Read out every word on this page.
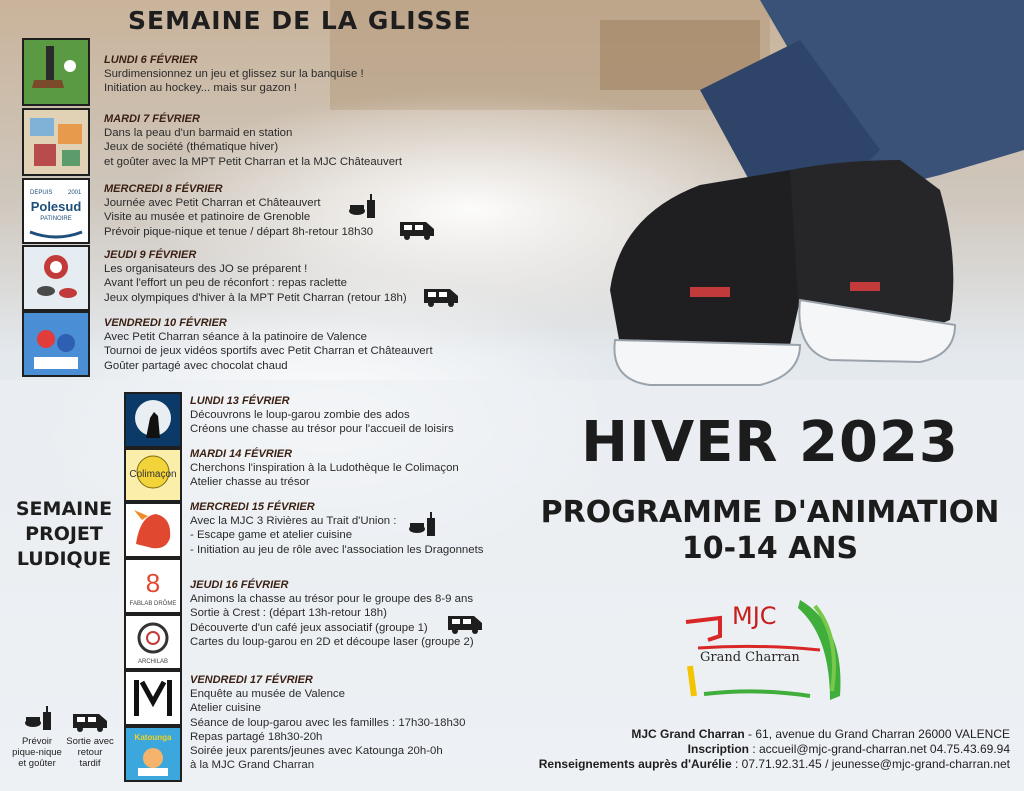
SEMAINE DE LA GLISSE
DEPUIS	2001
Polesud
PATINOIRE
LUNDI 6 FÉVRIER
Surdimensionnez un jeu et glissez sur la banquise !
Initiation au hockey... mais sur gazon !
MARDI 7 FÉVRIER
Dans la peau d'un barmaid en station
Jeux de société (thématique hiver)
et goûter avec la MPT Petit Charran et la MJC Châteauvert
MERCREDI 8 FÉVRIER
Journée avec Petit Charran et Châteauvert
Visite au musée et patinoire de Grenoble
Prévoir pique-nique et tenue / départ 8h-retour 18h30
JEUDI 9 FÉVRIER
Les organisateurs des JO se préparent !
Avant l'effort un peu de réconfort : repas raclette
Jeux olympiques d'hiver à la MPT Petit Charran (retour 18h)
VENDREDI 10 FÉVRIER
Avec Petit Charran séance à la patinoire de Valence
Tournoi de jeux vidéos sportifs avec Petit Charran et Châteauvert
Goûter partagé avec chocolat chaud
SEMAINE
PROJET
LUDIQUE
Colimaçon
8
FABLAB DRÔME
ARCHILAB
Katounga
LUNDI 13 FÉVRIER
Découvrons le loup-garou zombie des ados
Créons une chasse au trésor pour l'accueil de loisirs
MARDI 14 FÉVRIER
Cherchons l'inspiration à la Ludothèque le Colimaçon
Atelier chasse au trésor
MERCREDI 15 FÉVRIER
Avec la MJC 3 Rivières au Trait d'Union :
- Escape game et atelier cuisine
- Initiation au jeu de rôle avec l'association les Dragonnets
JEUDI 16 FÉVRIER
Animons la chasse au trésor pour le groupe des 8-9 ans
Sortie à Crest : (départ 13h-retour 18h)
Découverte d'un café jeux associatif (groupe 1)
Cartes du loup-garou en 2D et découpe laser (groupe 2)
VENDREDI 17 FÉVRIER
Enquête au musée de Valence
Atelier cuisine
Séance de loup-garou avec les familles : 17h30-18h30
Repas partagé 18h30-20h
Soirée jeux parents/jeunes avec Katounga 20h-0h
à la MJC Grand Charran
Prévoir
pique-nique
et goûter
Sortie avec
retour
tardif
HIVER 2023
PROGRAMME D'ANIMATION
10-14 ANS
MJC
Grand Charran
MJC Grand Charran - 61, avenue du Grand Charran 26000 VALENCE
Inscription : accueil@mjc-grand-charran.net 04.75.43.69.94
Renseignements auprès d'Aurélie : 07.71.92.31.45 / jeunesse@mjc-grand-charran.net
